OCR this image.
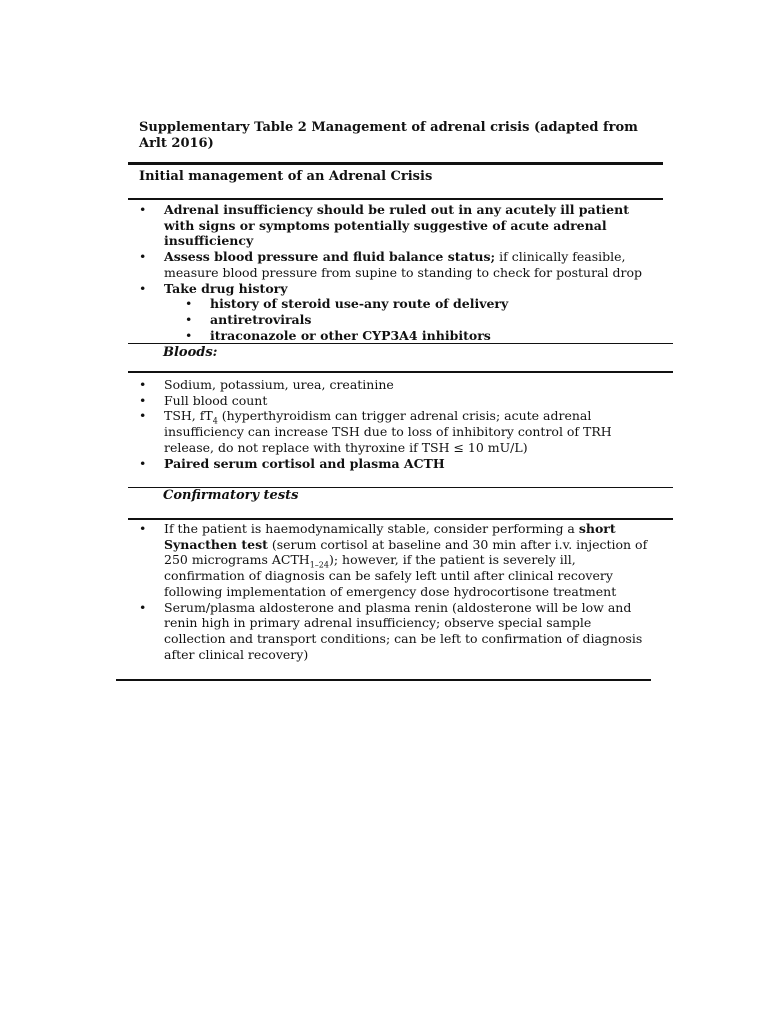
Supplementary Table 2 Management of adrenal crisis (adapted from Arlt 2016)
Initial management of an Adrenal Crisis
• Adrenal insufficiency should be ruled out in any acutely ill patient with signs or symptoms potentially suggestive of acute adrenal insufficiency
• Assess blood pressure and fluid balance status; if clinically feasible, measure blood pressure from supine to standing to check for postural drop
• Take drug history
• history of steroid use-any route of delivery
• antiretrovirals
• itraconazole or other CYP3A4 inhibitors
Bloods:
• Sodium, potassium, urea, creatinine
• Full blood count
• TSH, $fT_4$ (hyperthyroidism can trigger adrenal crisis; acute adrenal insufficiency can increase TSH due to loss of inhibitory control of TRH release, do not replace with thyroxine if TSH ≤ 10 mU/L)
• Paired serum cortisol and plasma ACTH
Confirmatory tests
• If the patient is haemodynamically stable, consider performing a short Synacthen test (serum cortisol at baseline and 30 min after i.v. injection of 250 micrograms $ACTH_{1-24}$); however, if the patient is severely ill, confirmation of diagnosis can be safely left until after clinical recovery following implementation of emergency dose hydrocortisone treatment
• Serum/plasma aldosterone and plasma renin (aldosterone will be low and renin high in primary adrenal insufficiency; observe special sample collection and transport conditions; can be left to confirmation of diagnosis after clinical recovery)
